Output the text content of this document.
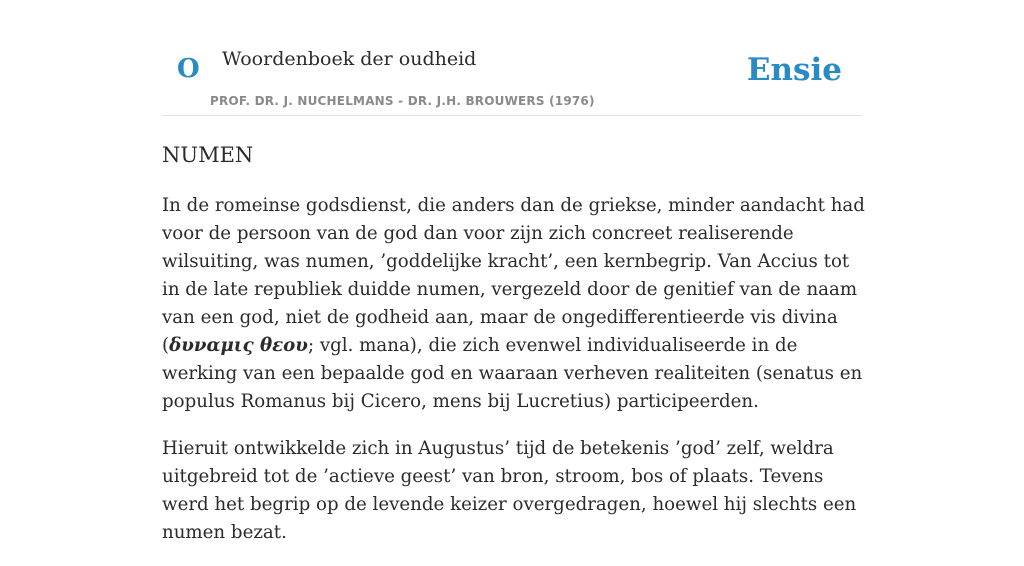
O Woordenboek der oudheid
PROF. DR. J. NUCHELMANS - DR. J.H. BROUWERS (1976)
Ensie
NUMEN

In de romeinse godsdienst, die anders dan de griekse, minder aandacht had voor de persoon van de god dan voor zijn zich concreet realiserende wilsuiting, was numen, ’goddelijke kracht’, een kernbegrip. Van Accius tot in de late republiek duidde numen, vergezeld door de genitief van de naam van een god, niet de godheid aan, maar de ongedifferentieerde vis divina (δυναμις θεου; vgl. mana), die zich evenwel individualiseerde in de werking van een bepaalde god en waaraan verheven realiteiten (senatus en populus Romanus bij Cicero, mens bij Lucretius) participeerden.

Hieruit ontwikkelde zich in Augustus’ tijd de betekenis ’god’ zelf, weldra uitgebreid tot de ’actieve geest’ van bron, stroom, bos of plaats. Tevens werd het begrip op de levende keizer overgedragen, hoewel hij slechts een numen bezat.
